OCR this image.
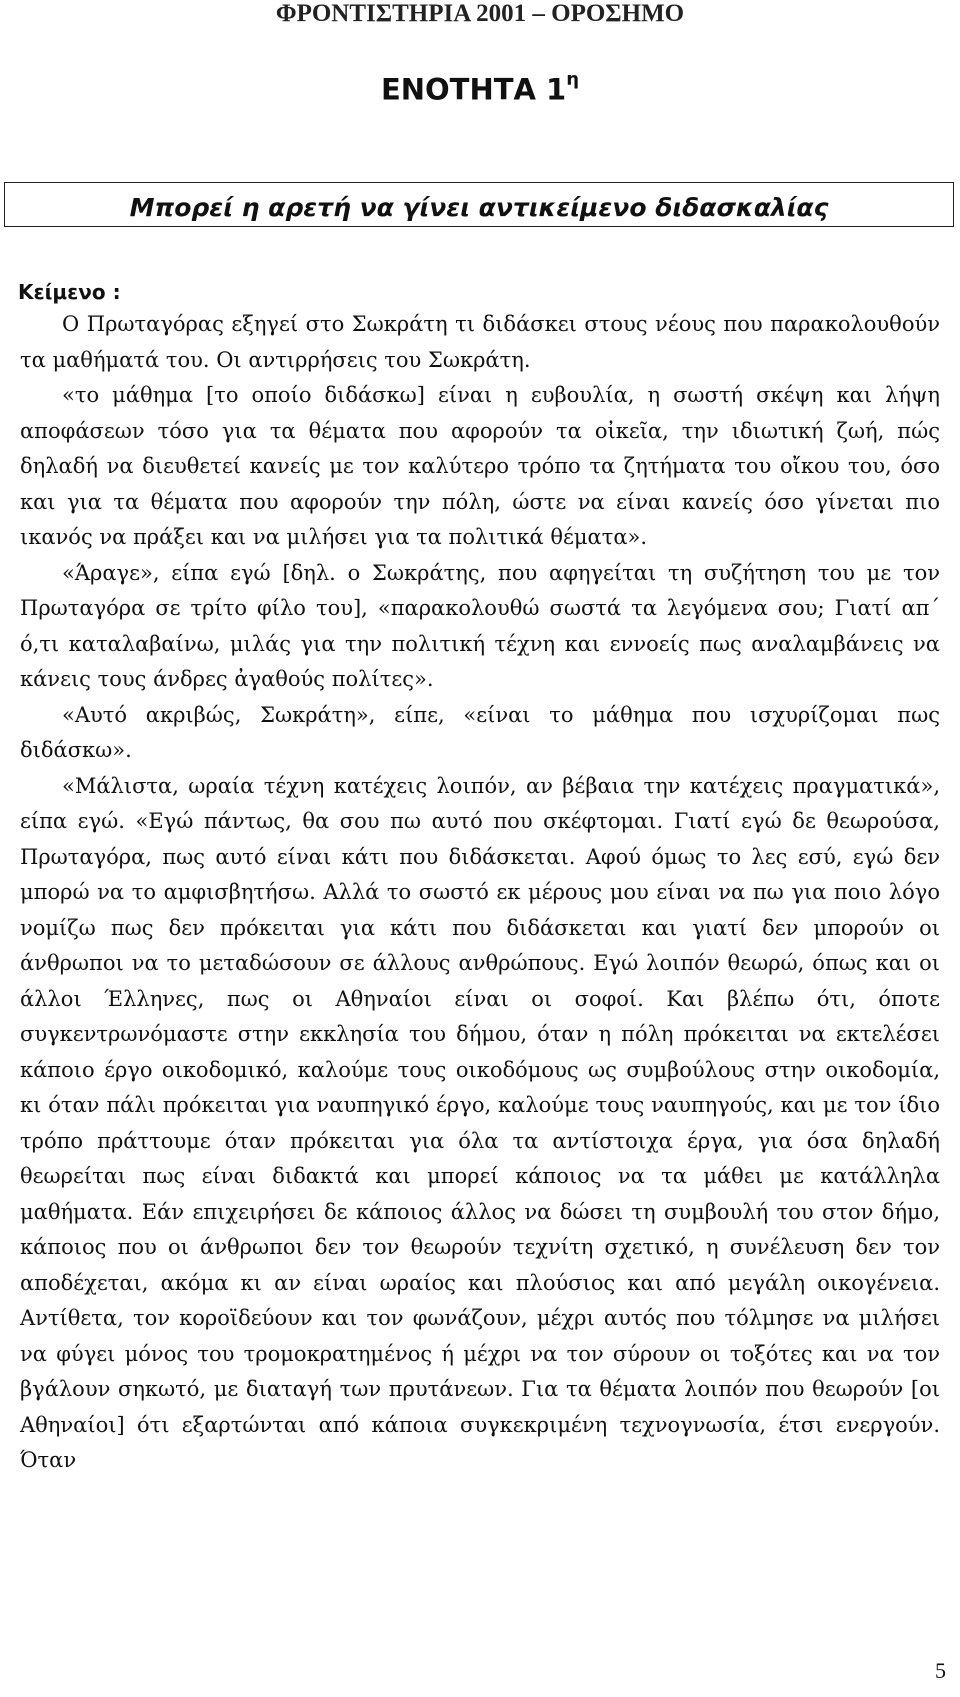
ΦΡΟΝΤΙΣΤΗΡΙΑ 2001 – ΟΡΟΣΗΜΟ
ΕΝΟΤΗΤΑ $1^\eta$
Μπορεί η αρετή να γίνει αντικείμενο διδασκαλίας
Κείμενο :

Ο Πρωταγόρας εξηγεί στο Σωκράτη τι διδάσκει στους νέους που παρακολουθούν τα μαθήματά του. Οι αντιρρήσεις του Σωκράτη.

«το μάθημα [το οποίο διδάσκω] είναι η ευβουλία, η σωστή σκέψη και λήψη αποφάσεων τόσο για τα θέματα που αφορούν τα οἰκεῖα, την ιδιωτική ζωή, πώς δηλαδή να διευθετεί κανείς με τον καλύτερο τρόπο τα ζητήματα του οἴκου του, όσο και για τα θέματα που αφορούν την πόλη, ώστε να είναι κανείς όσο γίνεται πιο ικανός να πράξει και να μιλήσει για τα πολιτικά θέματα».

«Άραγε», είπα εγώ [δηλ. ο Σωκράτης, που αφηγείται τη συζήτηση του με τον Πρωταγόρα σε τρίτο φίλο του], «παρακολουθώ σωστά τα λεγόμενα σου; Γιατί απ΄ ό,τι καταλαβαίνω, μιλάς για την πολιτική τέχνη και εννοείς πως αναλαμβάνεις να κάνεις τους άνδρες ἀγαθούς πολίτες».

«Αυτό ακριβώς, Σωκράτη», είπε, «είναι το μάθημα που ισχυρίζομαι πως διδάσκω».

«Μάλιστα, ωραία τέχνη κατέχεις λοιπόν, αν βέβαια την κατέχεις πραγματικά», είπα εγώ. «Εγώ πάντως, θα σου πω αυτό που σκέφτομαι. Γιατί εγώ δε θεωρούσα, Πρωταγόρα, πως αυτό είναι κάτι που διδάσκεται. Αφού όμως το λες εσύ, εγώ δεν μπορώ να το αμφισβητήσω. Αλλά το σωστό εκ μέρους μου είναι να πω για ποιο λόγο νομίζω πως δεν πρόκειται για κάτι που διδάσκεται και γιατί δεν μπορούν οι άνθρωποι να το μεταδώσουν σε άλλους ανθρώπους. Εγώ λοιπόν θεωρώ, όπως και οι άλλοι Έλληνες, πως οι Αθηναίοι είναι οι σοφοί. Και βλέπω ότι, όποτε συγκεντρωνόμαστε στην εκκλησία του δήμου, όταν η πόλη πρόκειται να εκτελέσει κάποιο έργο οικοδομικό, καλούμε τους οικοδόμους ως συμβούλους στην οικοδομία, κι όταν πάλι πρόκειται για ναυπηγικό έργο, καλούμε τους ναυπηγούς, και με τον ίδιο τρόπο πράττουμε όταν πρόκειται για όλα τα αντίστοιχα έργα, για όσα δηλαδή θεωρείται πως είναι διδακτά και μπορεί κάποιος να τα μάθει με κατάλληλα μαθήματα. Εάν επιχειρήσει δε κάποιος άλλος να δώσει τη συμβουλή του στον δήμο, κάποιος που οι άνθρωποι δεν τον θεωρούν τεχνίτη σχετικό, η συνέλευση δεν τον αποδέχεται, ακόμα κι αν είναι ωραίος και πλούσιος και από μεγάλη οικογένεια. Αντίθετα, τον κοροϊδεύουν και τον φωνάζουν, μέχρι αυτός που τόλμησε να μιλήσει να φύγει μόνος του τρομοκρατημένος ή μέχρι να τον σύρουν οι τοξότες και να τον βγάλουν σηκωτό, με διαταγή των πρυτάνεων. Για τα θέματα λοιπόν που θεωρούν [οι Αθηναίοι] ότι εξαρτώνται από κάποια συγκεκριμένη τεχνογνωσία, έτσι ενεργούν. Όταν

5
